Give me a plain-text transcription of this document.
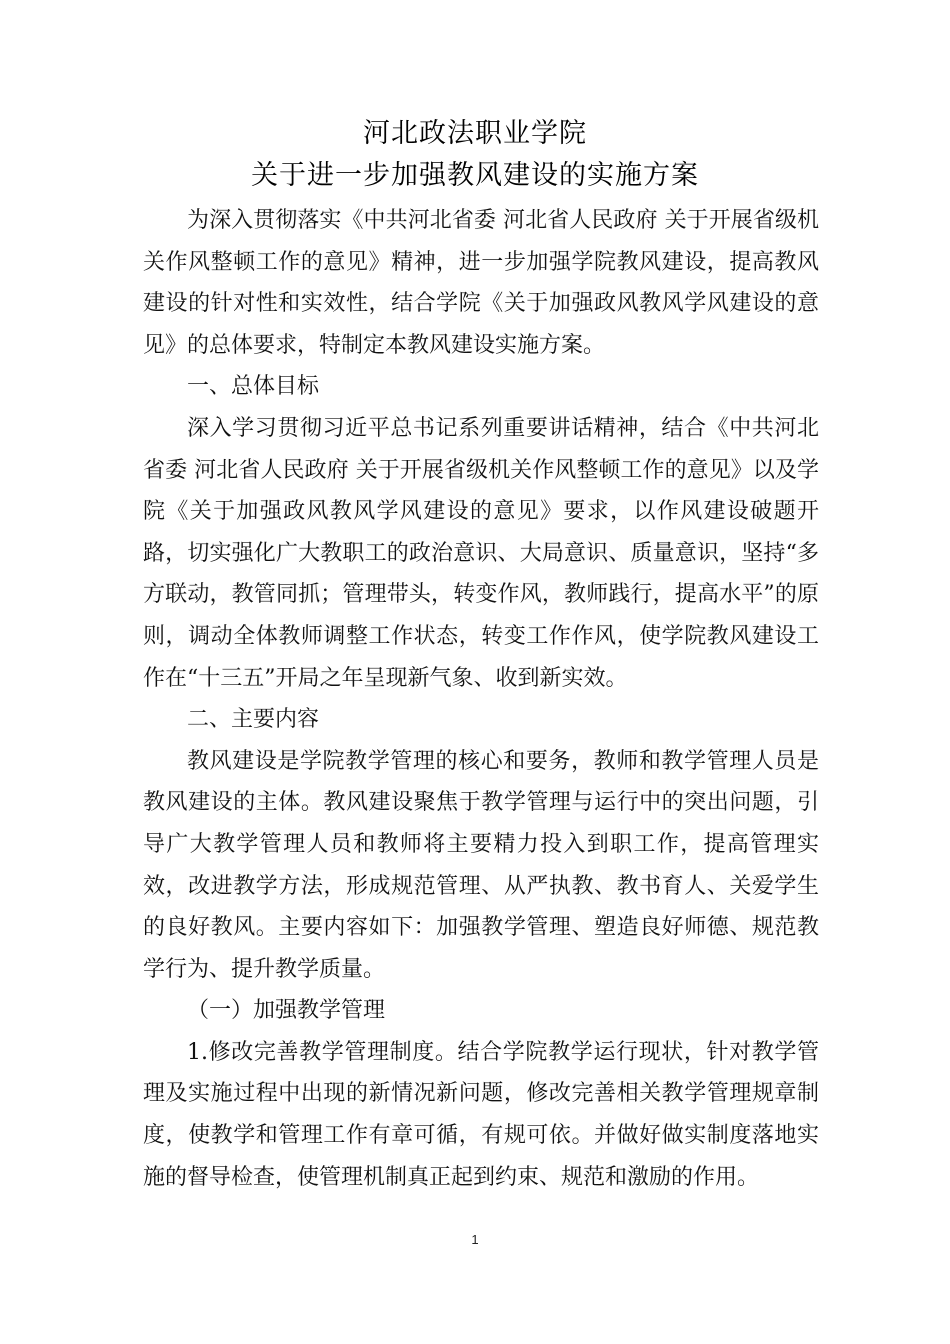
河北政法职业学院
关于进一步加强教风建设的实施方案

为深入贯彻落实《中共河北省委 河北省人民政府 关于开展省级机关作风整顿工作的意见》精神，进一步加强学院教风建设，提高教风建设的针对性和实效性，结合学院《关于加强政风教风学风建设的意见》的总体要求，特制定本教风建设实施方案。

一、总体目标

深入学习贯彻习近平总书记系列重要讲话精神，结合《中共河北省委 河北省人民政府 关于开展省级机关作风整顿工作的意见》以及学院《关于加强政风教风学风建设的意见》要求，以作风建设破题开路，切实强化广大教职工的政治意识、大局意识、质量意识，坚持“多方联动，教管同抓；管理带头，转变作风，教师践行，提高水平”的原则，调动全体教师调整工作状态，转变工作作风，使学院教风建设工作在“十三五”开局之年呈现新气象、收到新实效。

二、主要内容

教风建设是学院教学管理的核心和要务，教师和教学管理人员是教风建设的主体。教风建设聚焦于教学管理与运行中的突出问题，引导广大教学管理人员和教师将主要精力投入到职工作，提高管理实效，改进教学方法，形成规范管理、从严执教、教书育人、关爱学生的良好教风。主要内容如下：加强教学管理、塑造良好师德、规范教学行为、提升教学质量。

（一）加强教学管理

1.修改完善教学管理制度。结合学院教学运行现状，针对教学管理及实施过程中出现的新情况新问题，修改完善相关教学管理规章制度，使教学和管理工作有章可循，有规可依。并做好做实制度落地实施的督导检查，使管理机制真正起到约束、规范和激励的作用。

1
